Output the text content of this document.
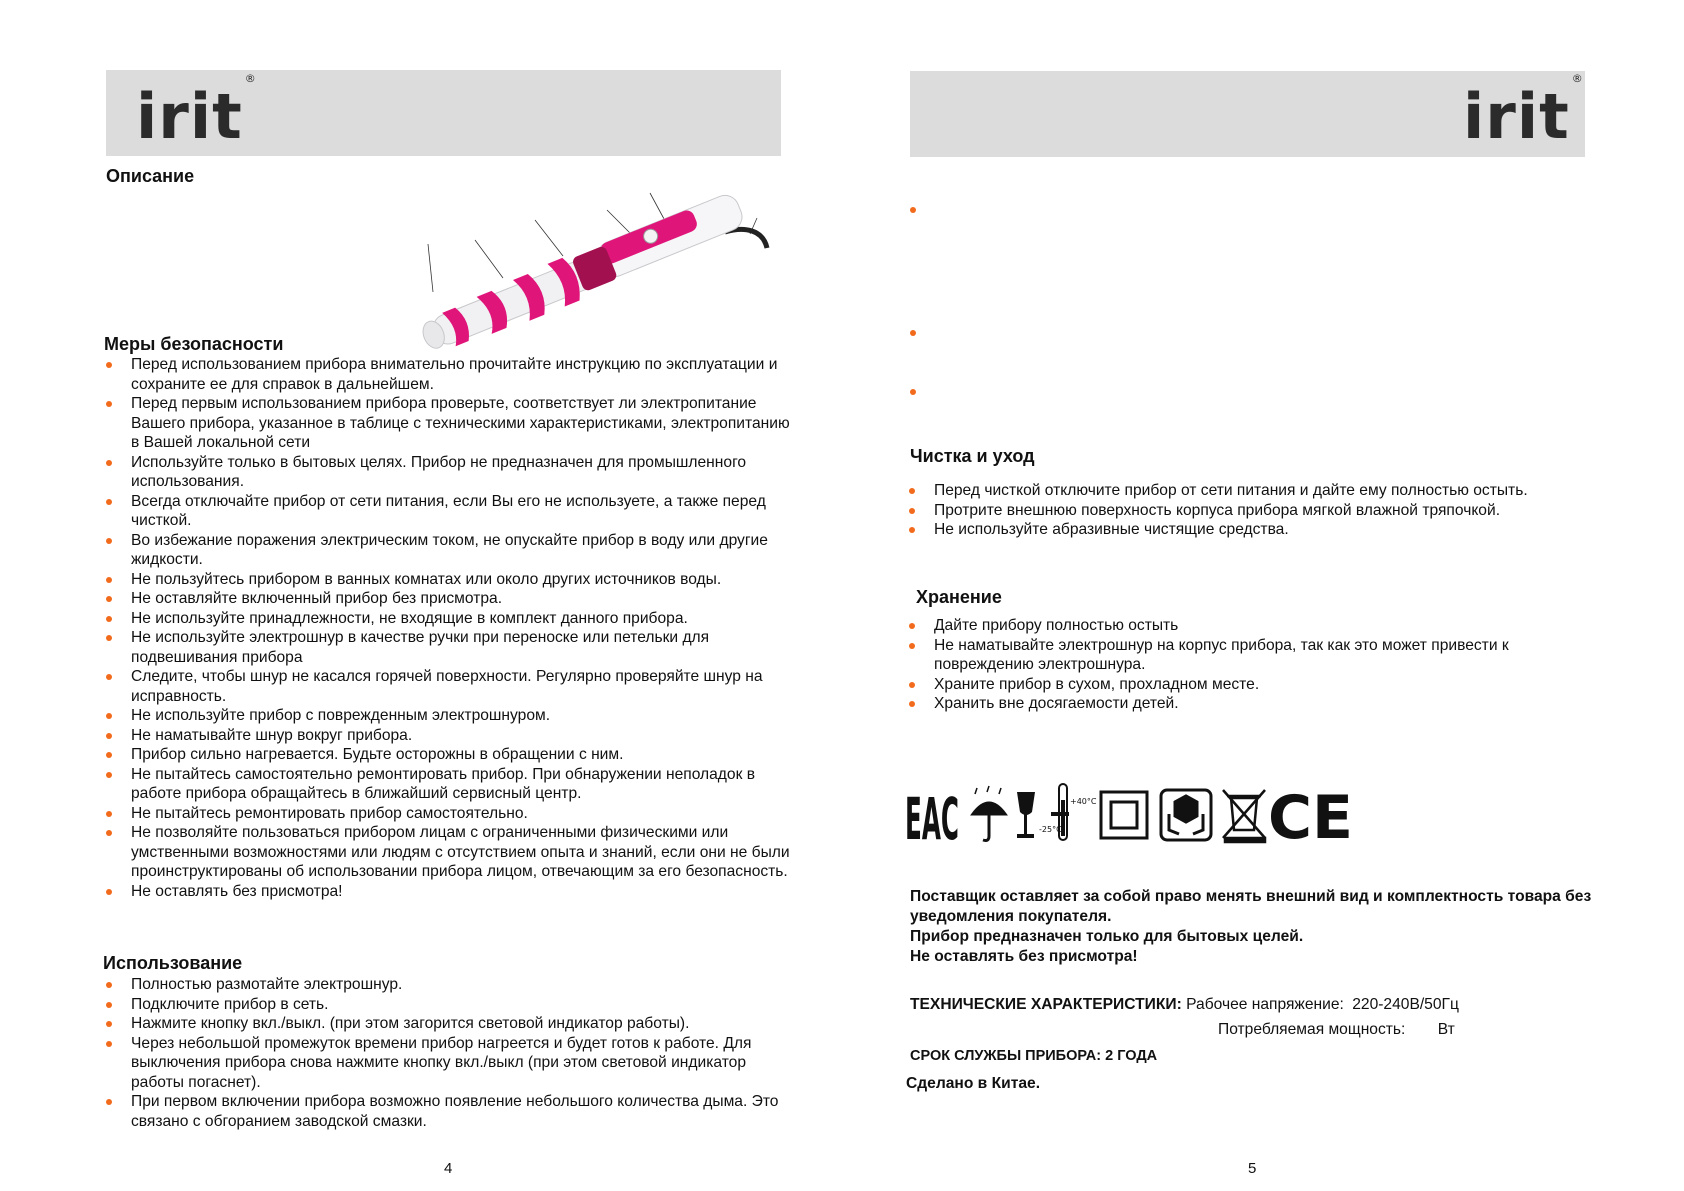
irit®
Описание
Меры безопасности
Перед использованием прибора внимательно прочитайте инструкцию по эксплуатации и сохраните ее для справок в дальнейшем.
Перед первым использованием прибора проверьте, соответствует ли электропитание Вашего прибора, указанное в таблице с техническими характеристиками, электропитанию в Вашей локальной сети
Используйте только в бытовых целях. Прибор не предназначен для промышленного использования.
Всегда отключайте прибор от сети питания, если Вы его не используете, а также перед чисткой.
Во избежание поражения электрическим током, не опускайте прибор в воду или другие жидкости.
Не пользуйтесь прибором в ванных комнатах или около других источников воды.
Не оставляйте включенный прибор без присмотра.
Не используйте принадлежности, не входящие в комплект данного прибора.
Не используйте электрошнур в качестве ручки при переноске или петельки для подвешивания прибора
Следите, чтобы шнур не касался горячей поверхности. Регулярно проверяйте шнур на исправность.
Не используйте прибор с поврежденным электрошнуром.
Не наматывайте шнур вокруг прибора.
Прибор сильно нагревается. Будьте осторожны в обращении с ним.
Не пытайтесь самостоятельно ремонтировать прибор. При обнаружении неполадок в работе прибора обращайтесь в ближайший сервисный центр.
Не пытайтесь ремонтировать прибор самостоятельно.
Не позволяйте пользоваться прибором лицам с ограниченными физическими или умственными возможностями или людям с отсутствием опыта и знаний, если они не были проинструктированы об использовании прибора лицом, отвечающим за его безопасность.
Не оставлять без присмотра!
Использование
Полностью размотайте электрошнур.
Подключите прибор в сеть.
Нажмите кнопку вкл./выкл. (при этом загорится световой индикатор работы).
Через небольшой промежуток времени прибор нагреется и будет готов к работе. Для выключения прибора снова нажмите кнопку вкл./выкл (при этом световой индикатор работы погаснет).
При первом включении прибора возможно появление небольшого количества дыма. Это связано с обгоранием заводской смазки.
4
irit®
Чистка и уход
Перед чисткой отключите прибор от сети питания и дайте ему полностью остыть.
Протрите внешнюю поверхность корпуса прибора мягкой влажной тряпочкой.
Не используйте абразивные чистящие средства.
Хранение
Дайте прибору полностью остыть
Не наматывайте электрошнур на корпус прибора, так как это может привести к повреждению электрошнура.
Храните прибор в сухом, прохладном месте.
Хранить вне досягаемости детей.
ЕАС	+40°C
-25°C	CE
Поставщик оставляет за собой право менять внешний вид и комплектность товара без уведомления покупателя.
Прибор предназначен только для бытовых целей.
Не оставлять без присмотра!
ТЕХНИЧЕСКИЕ ХАРАКТЕРИСТИКИ: Рабочее напряжение: 220-240В/50Гц
Потребляемая мощность: Вт
СРОК СЛУЖБЫ ПРИБОРА: 2 ГОДА
Сделано в Китае.
5
